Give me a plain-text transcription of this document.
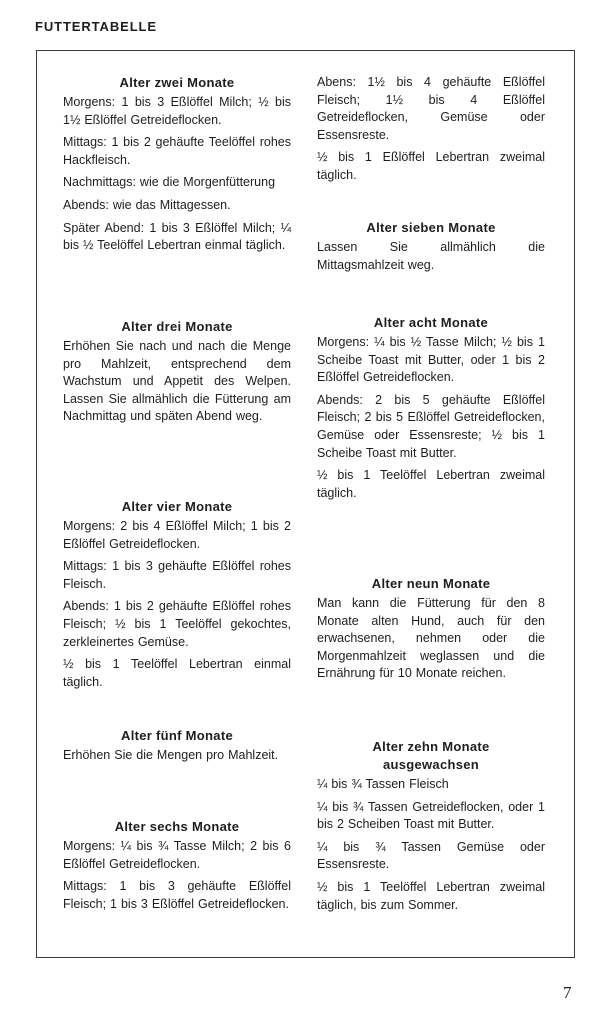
FUTTERTABELLE
Alter zwei Monate

Morgens: 1 bis 3 Eßlöffel Milch; ½ bis 1½ Eßlöffel Getreideflocken.

Mittags: 1 bis 2 gehäufte Teelöffel rohes Hackfleisch.

Nachmittags: wie die Morgenfütterung

Abends: wie das Mittagessen.

Später Abend: 1 bis 3 Eßlöffel Milch; ¼ bis ½ Teelöffel Lebertran einmal täglich.

Alter drei Monate

Erhöhen Sie nach und nach die Menge pro Mahlzeit, entsprechend dem Wachstum und Appetit des Welpen. Lassen Sie allmählich die Fütterung am Nachmittag und späten Abend weg.

Alter vier Monate

Morgens: 2 bis 4 Eßlöffel Milch; 1 bis 2 Eßlöffel Getreideflocken.

Mittags: 1 bis 3 gehäufte Eßlöffel rohes Fleisch.

Abends: 1 bis 2 gehäufte Eßlöffel rohes Fleisch; ½ bis 1 Teelöffel gekochtes, zerkleinertes Gemüse.

½ bis 1 Teelöffel Lebertran einmal täglich.

Alter fünf Monate

Erhöhen Sie die Mengen pro Mahlzeit.

Alter sechs Monate

Morgens: ¼ bis ¾ Tasse Milch; 2 bis 6 Eßlöffel Getreideflocken.

Mittags: 1 bis 3 gehäufte Eßlöffel Fleisch; 1 bis 3 Eßlöffel Getreideflocken.

Abens: 1½ bis 4 gehäufte Eßlöffel Fleisch; 1½ bis 4 Eßlöffel Getreideflocken, Gemüse oder Essensreste.

½ bis 1 Eßlöffel Lebertran zweimal täglich.

Alter sieben Monate

Lassen Sie allmählich die Mittagsmahlzeit weg.

Alter acht Monate

Morgens: ¼ bis ½ Tasse Milch; ½ bis 1 Scheibe Toast mit Butter, oder 1 bis 2 Eßlöffel Getreideflocken.

Abends: 2 bis 5 gehäufte Eßlöffel Fleisch; 2 bis 5 Eßlöffel Getreideflocken, Gemüse oder Essensreste; ½ bis 1 Scheibe Toast mit Butter.

½ bis 1 Teelöffel Lebertran zweimal täglich.

Alter neun Monate

Man kann die Fütterung für den 8 Monate alten Hund, auch für den erwachsenen, nehmen oder die Morgenmahlzeit weglassen und die Ernährung für 10 Monate reichen.

Alter zehn Monate ausgewachsen

¼ bis ¾ Tassen Fleisch

¼ bis ¾ Tassen Getreideflocken, oder 1 bis 2 Scheiben Toast mit Butter.

¼ bis ¾ Tassen Gemüse oder Essensreste.

½ bis 1 Teelöffel Lebertran zweimal täglich, bis zum Sommer.

7
